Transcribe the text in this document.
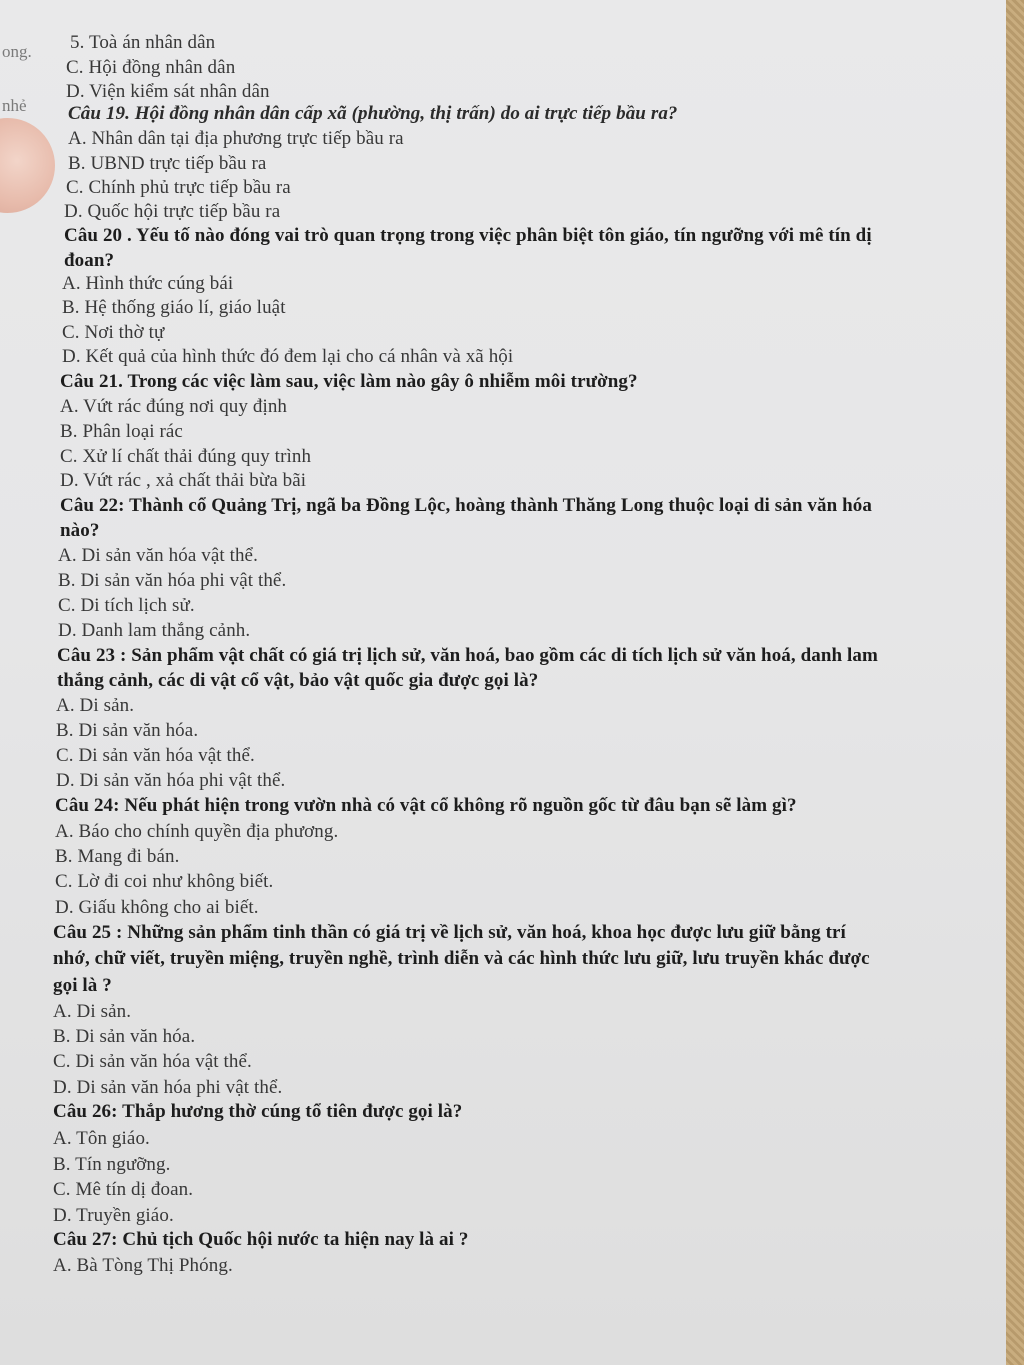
ong.
nhẻ
5. Toà án nhân dân
C. Hội đồng nhân dân
D. Viện kiểm sát nhân dân
Câu 19. Hội đồng nhân dân cấp xã (phường, thị trấn) do ai trực tiếp bầu ra?
A. Nhân dân tại địa phương trực tiếp bầu ra
B. UBND trực tiếp bầu ra
C. Chính phủ trực tiếp bầu ra
D. Quốc hội trực tiếp bầu ra
Câu 20 . Yếu tố nào đóng vai trò quan trọng trong việc phân biệt tôn giáo, tín ngưỡng với mê tín dị
đoan?
A. Hình thức cúng bái
B. Hệ thống giáo lí, giáo luật
C. Nơi thờ tự
D. Kết quả của hình thức đó đem lại cho cá nhân và xã hội
Câu 21. Trong các việc làm sau, việc làm nào gây ô nhiễm môi trường?
A. Vứt rác đúng nơi quy định
B. Phân loại rác
C. Xử lí chất thải đúng quy trình
D. Vứt rác , xả chất thải bừa bãi
Câu 22: Thành cổ Quảng Trị, ngã ba Đồng Lộc, hoàng thành Thăng Long thuộc loại di sản văn hóa
nào?
A. Di sản văn hóa vật thể.
B. Di sản văn hóa phi vật thể.
C. Di tích lịch sử.
D. Danh lam thắng cảnh.
Câu 23 : Sản phẩm vật chất có giá trị lịch sử, văn hoá, bao gồm các di tích lịch sử văn hoá, danh lam
thắng cảnh, các di vật cổ vật, bảo vật quốc gia được gọi là?
A. Di sản.
B. Di sản văn hóa.
C. Di sản văn hóa vật thể.
D. Di sản văn hóa phi vật thể.
Câu 24: Nếu phát hiện trong vườn nhà có vật cổ không rõ nguồn gốc từ đâu bạn sẽ làm gì?
A. Báo cho chính quyền địa phương.
B. Mang đi bán.
C. Lờ đi coi như không biết.
D. Giấu không cho ai biết.
Câu 25 : Những sản phẩm tinh thần có giá trị về lịch sử, văn hoá, khoa học được lưu giữ bằng trí
nhớ, chữ viết, truyền miệng, truyền nghề, trình diễn và các hình thức lưu giữ, lưu truyền khác được
gọi là ?
A. Di sản.
B. Di sản văn hóa.
C. Di sản văn hóa vật thể.
D. Di sản văn hóa phi vật thể.
Câu 26: Thắp hương thờ cúng tổ tiên được gọi là?
A. Tôn giáo.
B. Tín ngưỡng.
C. Mê tín dị đoan.
D. Truyền giáo.
Câu 27: Chủ tịch Quốc hội nước ta hiện nay là ai ?
A. Bà Tòng Thị Phóng.
